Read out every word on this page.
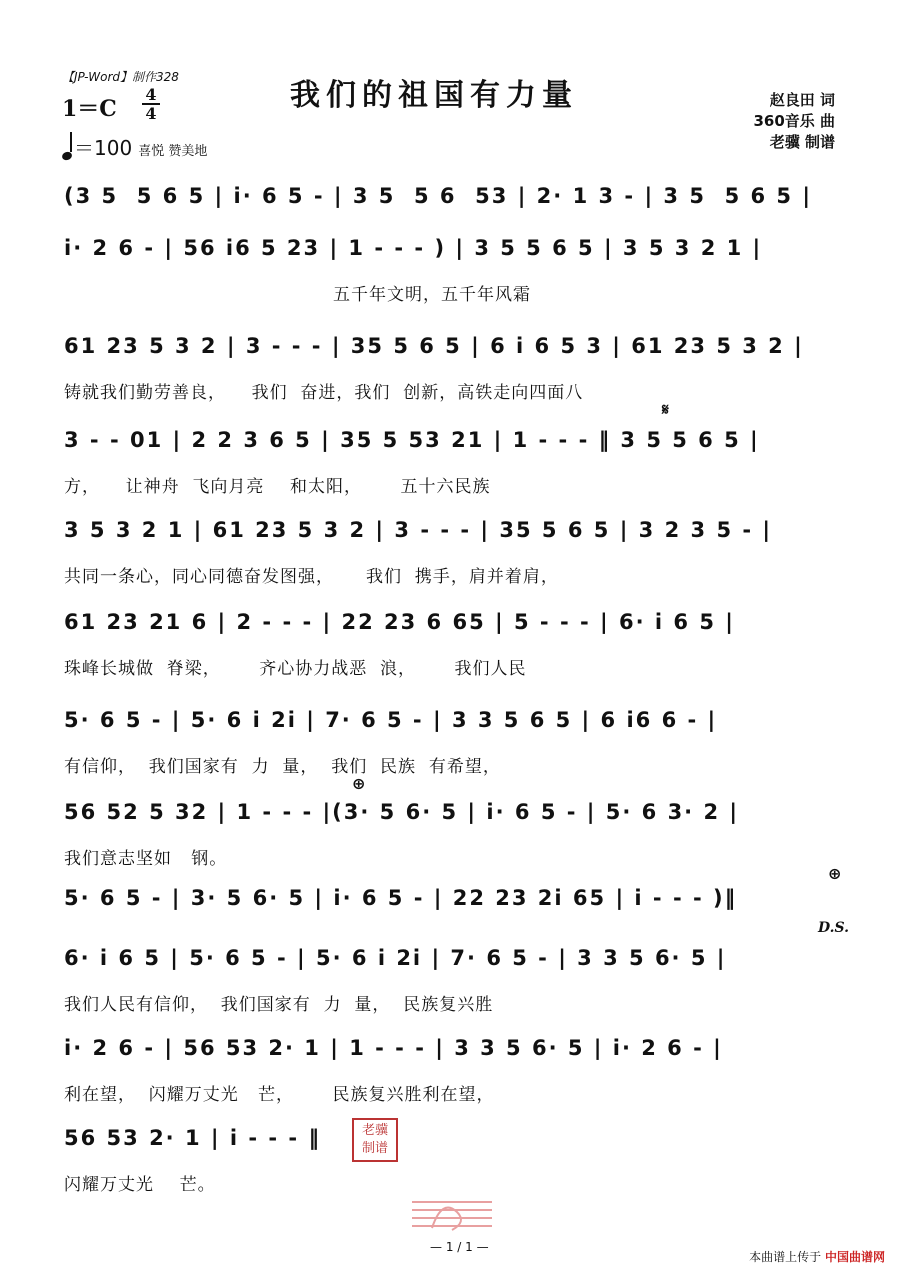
【JP-Word】制作328
1＝C
4
4
＝100 喜悦 赞美地
我们的祖国有力量	赵良田 词
360音乐 曲
老骥 制谱
(3 5  5 6 5 | i· 6 5 - | 3 5  5 6  53 | 2· 1 3 - | 3 5  5 6 5 |
i· 2 6 - | 56 i6 5 23 | 1 - - - ) | 3 5 5 6 5 | 3 5 3 2 1 |
五千年文明，五千年风霜
61 23 5 3 2 | 3 - - - | 35 5 6 5 | 6 i 6 5 3 | 61 23 5 3 2 |
铸就我们勤劳善良，    我们  奋进，我们  创新，高铁走向四面八
3 - - 01 | 2 2 3 6 5 | 35 5 53 21 | 1 - - - ‖ 3 5 5 6 5 |
方，    让神舟  飞向月亮    和太阳，      五十六民族
𝄋
3 5 3 2 1 | 61 23 5 3 2 | 3 - - - | 35 5 6 5 | 3 2 3 5 - |
共同一条心，同心同德奋发图强，     我们  携手，肩并着肩，
61 23 21 6 | 2 - - - | 22 23 6 65 | 5 - - - | 6· i 6 5 |
珠峰长城做  脊梁，      齐心协力战恶  浪，      我们人民
5· 6 5 - | 5· 6 i 2i | 7· 6 5 - | 3 3 5 6 5 | 6 i6 6 - |
有信仰，  我们国家有  力  量，  我们  民族  有希望，
56 52 5 32 | 1 - - - |(3· 5 6· 5 | i· 6 5 - | 5· 6 3· 2 |
我们意志坚如   钢。
⊕
5· 6 5 - | 3· 5 6· 5 | i· 6 5 - | 22 23 2i 65 | i - - - )‖
⊕
D.S.
6· i 6 5 | 5· 6 5 - | 5· 6 i 2i | 7· 6 5 - | 3 3 5 6· 5 |
我们人民有信仰，  我们国家有  力  量，  民族复兴胜
i· 2 6 - | 56 53 2· 1 | 1 - - - | 3 3 5 6· 5 | i· 2 6 - |
利在望，  闪耀万丈光   芒，      民族复兴胜利在望，
56 53 2· 1 | i - - - ‖
闪耀万丈光    芒。
老骥
制谱
— 1 / 1 —
本曲谱上传于 中国曲谱网
